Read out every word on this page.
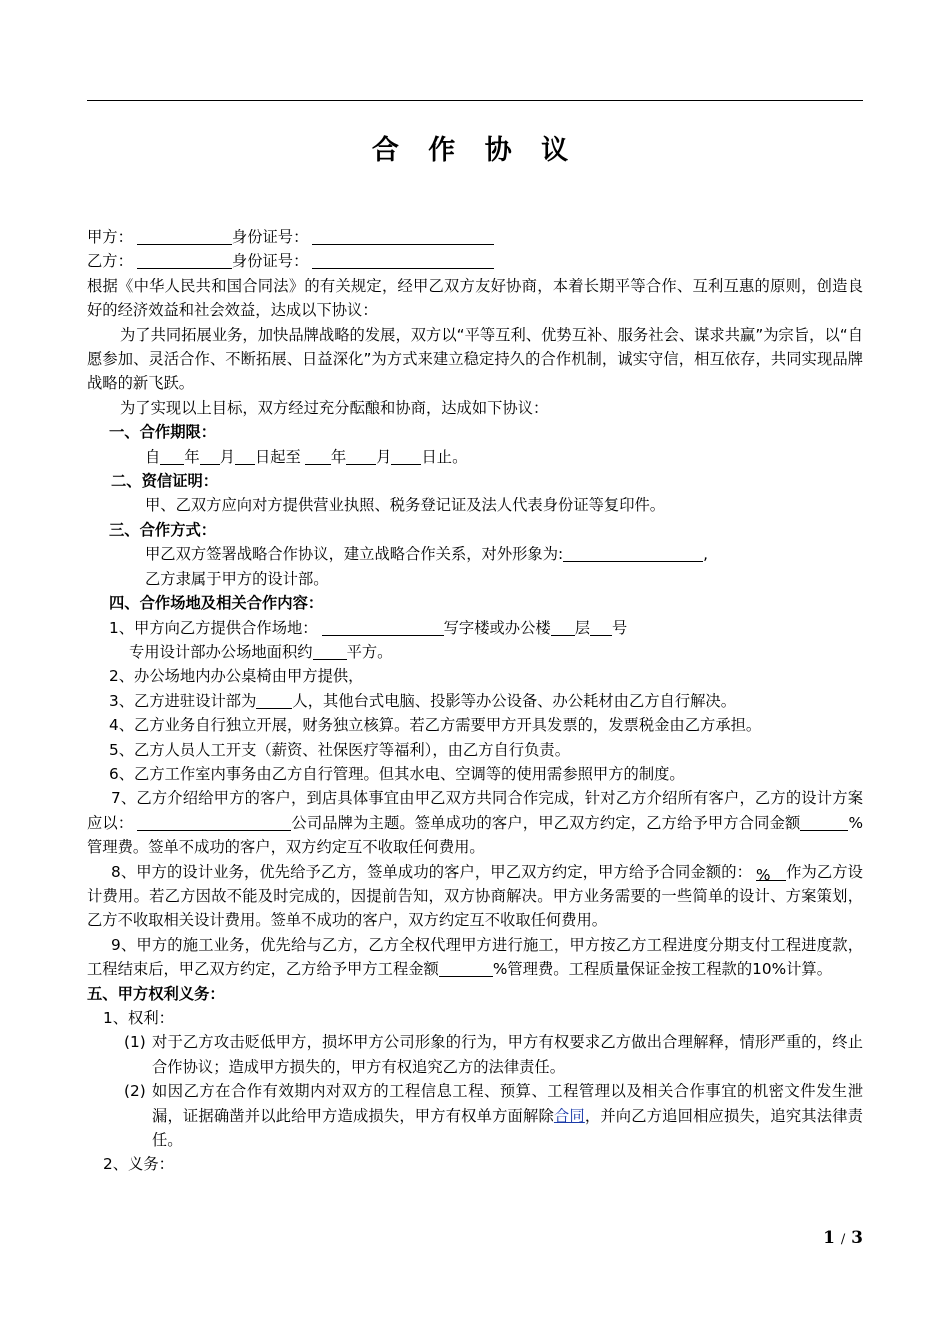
合 作 协 议

甲方：	身份证号：

乙方：	身份证号：

根据《中华人民共和国合同法》的有关规定，经甲乙双方友好协商，本着长期平等合作、互利互惠的原则，创造良好的经济效益和社会效益，达成以下协议：

为了共同拓展业务，加快品牌战略的发展，双方以“平等互利、优势互补、服务社会、谋求共赢”为宗旨，以“自愿参加、灵活合作、不断拓展、日益深化”为方式来建立稳定持久的合作机制，诚实守信，相互依存，共同实现品牌战略的新飞跃。

为了实现以上目标，双方经过充分酝酿和协商，达成如下协议：

一、合作期限：

自 年 月 日起至 年 月 日止。

二、资信证明：

甲、乙双方应向对方提供营业执照、税务登记证及法人代表身份证等复印件。

三、合作方式：

甲乙双方签署战略合作协议，建立战略合作关系，对外形象为:	,

乙方隶属于甲方的设计部。

四、合作场地及相关合作内容：

1、甲方向乙方提供合作场地：	写字楼或办公楼 层 号

专用设计部办公场地面积约 平方。

2、办公场地内办公桌椅由甲方提供，

3、乙方进驻设计部为 人，其他台式电脑、投影等办公设备、办公耗材由乙方自行解决。

4、乙方业务自行独立开展，财务独立核算。若乙方需要甲方开具发票的，发票税金由乙方承担。

5、乙方人员人工开支（薪资、社保医疗等福利），由乙方自行负责。

6、乙方工作室内事务由乙方自行管理。但其水电、空调等的使用需参照甲方的制度。

7、乙方介绍给甲方的客户，到店具体事宜由甲乙双方共同合作完成，针对乙方介绍所有客户，乙方的设计方案应以：	公司品牌为主题。签单成功的客户，甲乙双方约定，乙方给予甲方合同金额	%管理费。签单不成功的客户，双方约定互不收取任何费用。

8、甲方的设计业务，优先给予乙方，签单成功的客户，甲乙双方约定，甲方给予合同金额的： % 作为乙方设计费用。若乙方因故不能及时完成的，因提前告知，双方协商解决。甲方业务需要的一些简单的设计、方案策划，乙方不收取相关设计费用。签单不成功的客户，双方约定互不收取任何费用。

9、甲方的施工业务，优先给与乙方，乙方全权代理甲方进行施工，甲方按乙方工程进度分期支付工程进度款，工程结束后，甲乙双方约定，乙方给予甲方工程金额	%管理费。工程质量保证金按工程款的10%计算。

五、甲方权利义务：

1、权利：

(1) 对于乙方攻击贬低甲方，损坏甲方公司形象的行为，甲方有权要求乙方做出合理解释，情形严重的，终止合作协议；造成甲方损失的，甲方有权追究乙方的法律责任。
(2) 如因乙方在合作有效期内对双方的工程信息工程、预算、工程管理以及相关合作事宜的机密文件发生泄漏，证据确凿并以此给甲方造成损失，甲方有权单方面解除合同，并向乙方追回相应损失，追究其法律责任。

2、义务：

1 / 3
